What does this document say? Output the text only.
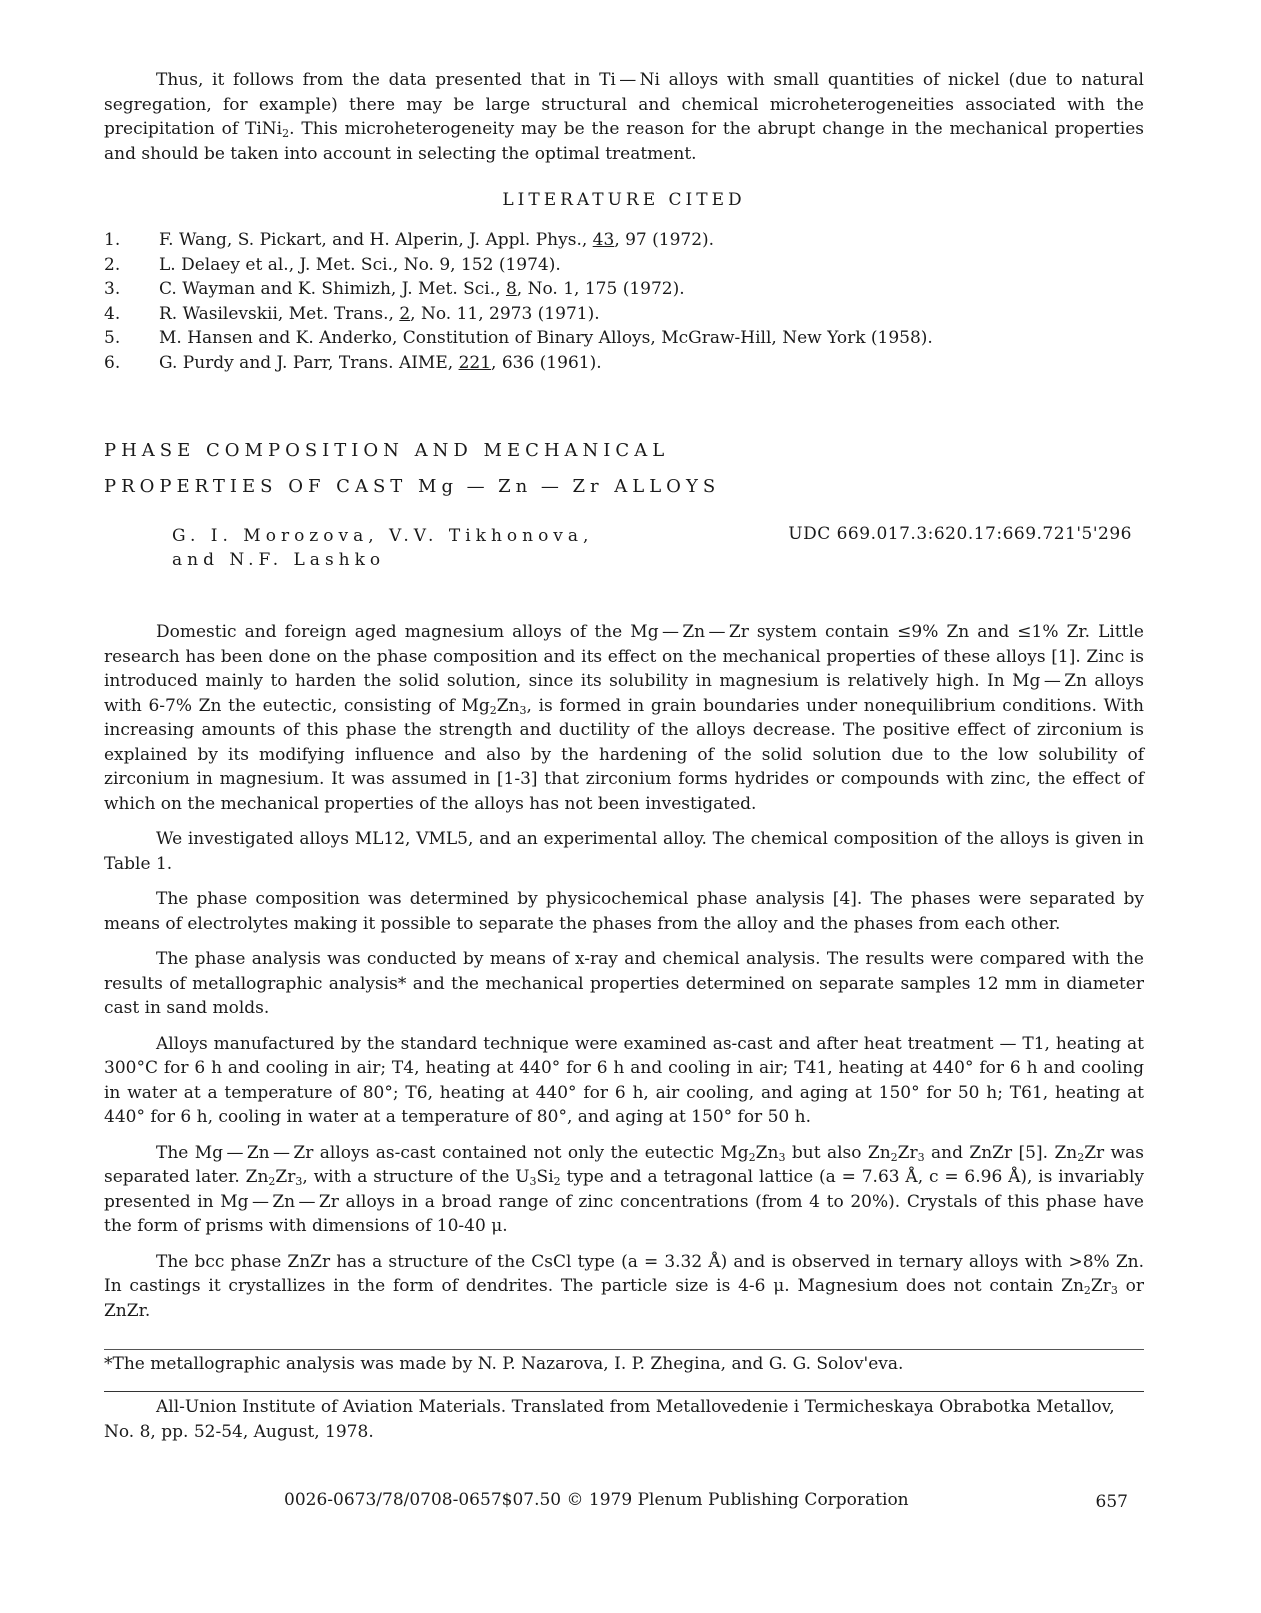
Thus, it follows from the data presented that in Ti — Ni alloys with small quantities of nickel (due to natural segregation, for example) there may be large structural and chemical microheterogeneities associated with the precipitation of TiNi$_2$. This microheterogeneity may be the reason for the abrupt change in the mechanical properties and should be taken into account in selecting the optimal treatment.

LITERATURE CITED
1.	F. Wang, S. Pickart, and H. Alperin, J. Appl. Phys., 43, 97 (1972).
2.	L. Delaey et al., J. Met. Sci., No. 9, 152 (1974).
3.	C. Wayman and K. Shimizh, J. Met. Sci., 8, No. 1, 175 (1972).
4.	R. Wasilevskii, Met. Trans., 2, No. 11, 2973 (1971).
5.	M. Hansen and K. Anderko, Constitution of Binary Alloys, McGraw-Hill, New York (1958).
6.	G. Purdy and J. Parr, Trans. AIME, 221, 636 (1961).
PHASE COMPOSITION AND MECHANICAL
PROPERTIES OF CAST Mg — Zn — Zr ALLOYS
G. I. Morozova, V.V. Tikhonova,
and N.F. Lashko
UDC 669.017.3:620.17:669.721'5'296

Domestic and foreign aged magnesium alloys of the Mg — Zn — Zr system contain ≤9% Zn and ≤1% Zr. Little research has been done on the phase composition and its effect on the mechanical properties of these alloys [1]. Zinc is introduced mainly to harden the solid solution, since its solubility in magnesium is relatively high. In Mg — Zn alloys with 6-7% Zn the eutectic, consisting of $Mg_2Zn_3$, is formed in grain boundaries under nonequilibrium conditions. With increasing amounts of this phase the strength and ductility of the alloys decrease. The positive effect of zirconium is explained by its modifying influence and also by the hardening of the solid solution due to the low solubility of zirconium in magnesium. It was assumed in [1-3] that zirconium forms hydrides or compounds with zinc, the effect of which on the mechanical properties of the alloys has not been investigated.

We investigated alloys ML12, VML5, and an experimental alloy. The chemical composition of the alloys is given in Table 1.

The phase composition was determined by physicochemical phase analysis [4]. The phases were separated by means of electrolytes making it possible to separate the phases from the alloy and the phases from each other.

The phase analysis was conducted by means of x-ray and chemical analysis. The results were compared with the results of metallographic analysis* and the mechanical properties determined on separate samples 12 mm in diameter cast in sand molds.

Alloys manufactured by the standard technique were examined as-cast and after heat treatment — T1, heating at 300°C for 6 h and cooling in air; T4, heating at 440° for 6 h and cooling in air; T41, heating at 440° for 6 h and cooling in water at a temperature of 80°; T6, heating at 440° for 6 h, air cooling, and aging at 150° for 50 h; T61, heating at 440° for 6 h, cooling in water at a temperature of 80°, and aging at 150° for 50 h.

The Mg — Zn — Zr alloys as-cast contained not only the eutectic $Mg_2Zn_3$ but also $Zn_2Zr_3$ and ZnZr [5]. $Zn_2Zr$ was separated later. $Zn_2Zr_3$, with a structure of the $U_3Si_2$ type and a tetragonal lattice (a = 7.63 Å, c = 6.96 Å), is invariably presented in Mg — Zn — Zr alloys in a broad range of zinc concentrations (from 4 to 20%). Crystals of this phase have the form of prisms with dimensions of 10-40 μ.

The bcc phase ZnZr has a structure of the CsCl type (a = 3.32 Å) and is observed in ternary alloys with >8% Zn. In castings it crystallizes in the form of dendrites. The particle size is 4-6 μ. Magnesium does not contain $Zn_2Zr_3$ or ZnZr.

*The metallographic analysis was made by N. P. Nazarova, I. P. Zhegina, and G. G. Solov'eva.

All-Union Institute of Aviation Materials. Translated from Metallovedenie i Termicheskaya Obrabotka Metallov, No. 8, pp. 52-54, August, 1978.

0026-0673/78/0708-0657$07.50 © 1979 Plenum Publishing Corporation	657
